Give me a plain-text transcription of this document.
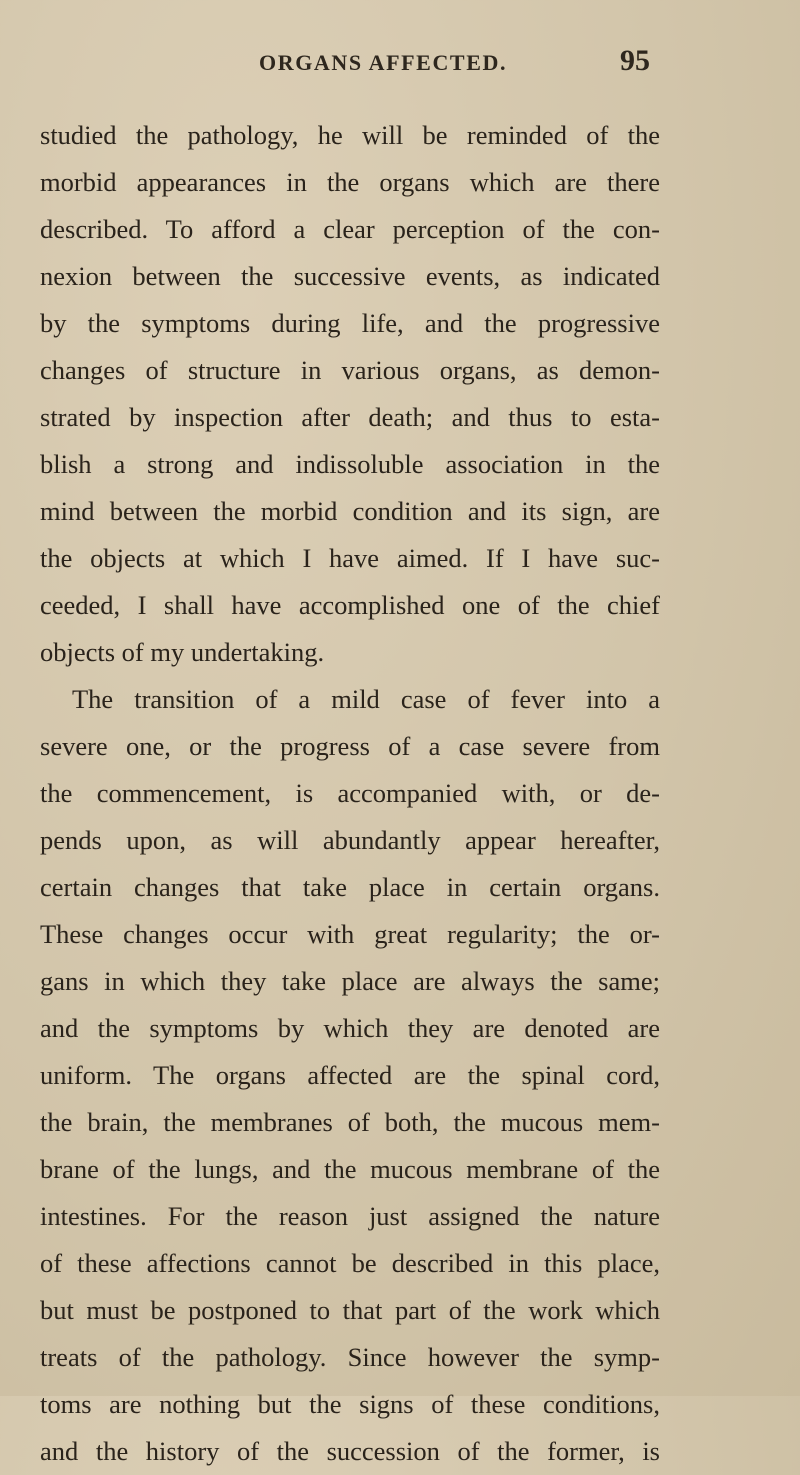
ORGANS AFFECTED.	95
studied the pathology, he will be reminded of the
morbid appearances in the organs which are there
described. To afford a clear perception of the con-
nexion between the successive events, as indicated
by the symptoms during life, and the progressive
changes of structure in various organs, as demon-
strated by inspection after death; and thus to esta-
blish a strong and indissoluble association in the
mind between the morbid condition and its sign, are
the objects at which I have aimed. If I have suc-
ceeded, I shall have accomplished one of the chief
objects of my undertaking.
The transition of a mild case of fever into a
severe one, or the progress of a case severe from
the commencement, is accompanied with, or de-
pends upon, as will abundantly appear hereafter,
certain changes that take place in certain organs.
These changes occur with great regularity; the or-
gans in which they take place are always the same;
and the symptoms by which they are denoted are
uniform. The organs affected are the spinal cord,
the brain, the membranes of both, the mucous mem-
brane of the lungs, and the mucous membrane of the
intestines. For the reason just assigned the nature
of these affections cannot be described in this place,
but must be postponed to that part of the work which
treats of the pathology. Since however the symp-
toms are nothing but the signs of these conditions,
and the history of the succession of the former, is
